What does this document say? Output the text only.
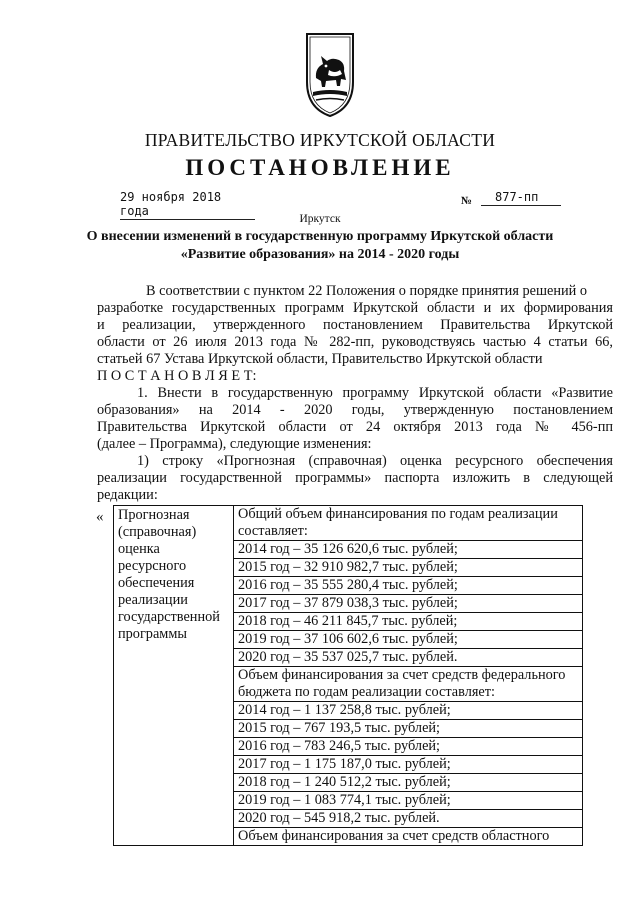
ПРАВИТЕЛЬСТВО ИРКУТСКОЙ ОБЛАСТИ
ПОСТАНОВЛЕНИЕ
29 ноября 2018 года
№	877-пп
Иркутск
О внесении изменений в государственную программу Иркутской области
«Развитие образования» на 2014 - 2020 годы
В соответствии с пунктом 22 Положения о порядке принятия решений о
разработке государственных программ Иркутской области и их формирования
и реализации, утвержденного постановлением Правительства Иркутской
области от 26 июля 2013 года № 282-пп, руководствуясь частью 4 статьи 66,
статьей 67 Устава Иркутской области, Правительство Иркутской области
П О С Т А Н О В Л Я Е Т:
1. Внести в государственную программу Иркутской области «Развитие
образования» на 2014 - 2020 годы, утвержденную постановлением
Правительства Иркутской области от 24 октября 2013 года № 456-пп
(далее – Программа), следующие изменения:
1) строку «Прогнозная (справочная) оценка ресурсного обеспечения
реализации государственной программы» паспорта изложить в следующей
редакции:
« Прогнозная
(справочная)
оценка
ресурсного
обеспечения
реализации
государственной
программы

Общий объем финансирования по годам реализации составляет:
2014 год – 35 126 620,6 тыс. рублей;
2015 год – 32 910 982,7 тыс. рублей;
2016 год – 35 555 280,4 тыс. рублей;
2017 год – 37 879 038,3 тыс. рублей;
2018 год – 46 211 845,7 тыс. рублей;
2019 год – 37 106 602,6 тыс. рублей;
2020 год – 35 537 025,7 тыс. рублей.
Объем финансирования за счет средств федерального бюджета по годам реализации составляет:
2014 год – 1 137 258,8 тыс. рублей;
2015 год – 767 193,5 тыс. рублей;
2016 год – 783 246,5 тыс. рублей;
2017 год – 1 175 187,0 тыс. рублей;
2018 год – 1 240 512,2 тыс. рублей;
2019 год – 1 083 774,1 тыс. рублей;
2020 год – 545 918,2 тыс. рублей.
Объем финансирования за счет средств областного
